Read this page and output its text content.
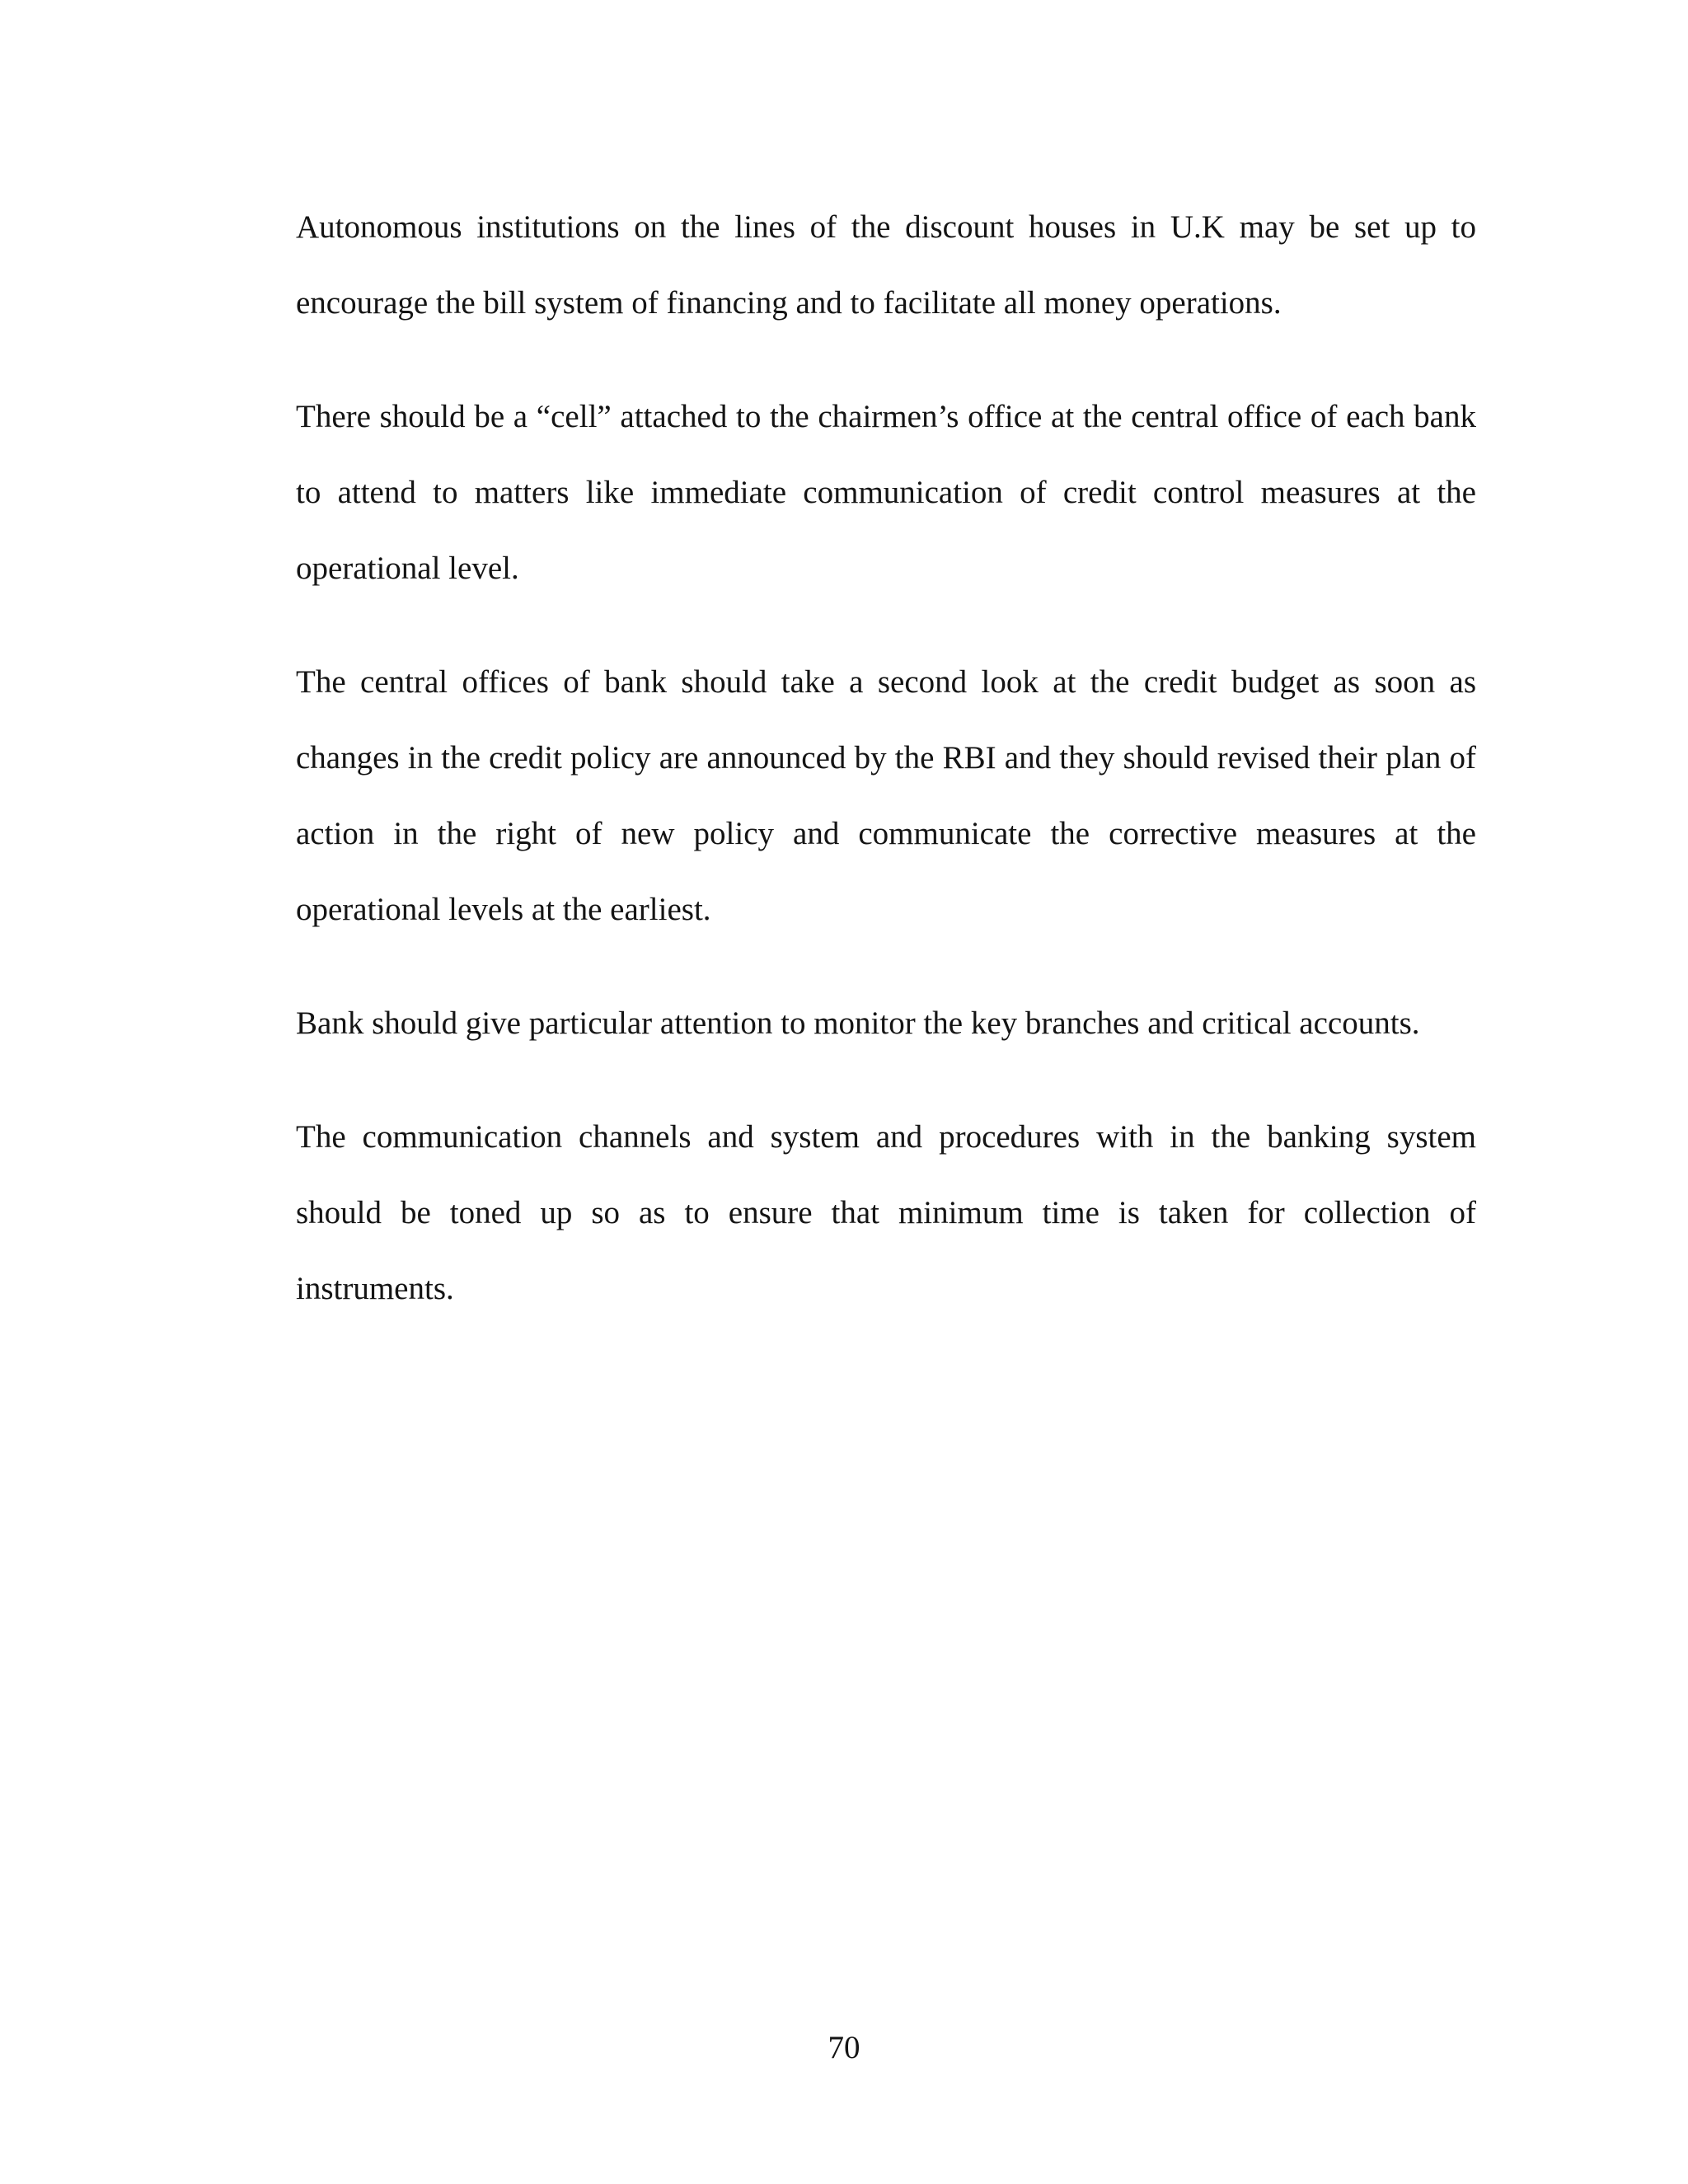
Autonomous institutions on the lines of the discount houses in U.K may be set up to encourage the bill system of financing and to facilitate all money operations.

There should be a “cell” attached to the chairmen’s office at the central office of each bank to attend to matters like immediate communication of credit control measures at the operational level.

The central offices of bank should take a second look at the credit budget as soon as changes in the credit policy are announced by the RBI and they should revised their plan of action in the right of new policy and communicate the corrective measures at the operational levels at the earliest.

Bank should give particular attention to monitor the key branches and critical accounts.

The communication channels and system and procedures with in the banking system should be toned up so as to ensure that minimum time is taken for collection of instruments.

70
